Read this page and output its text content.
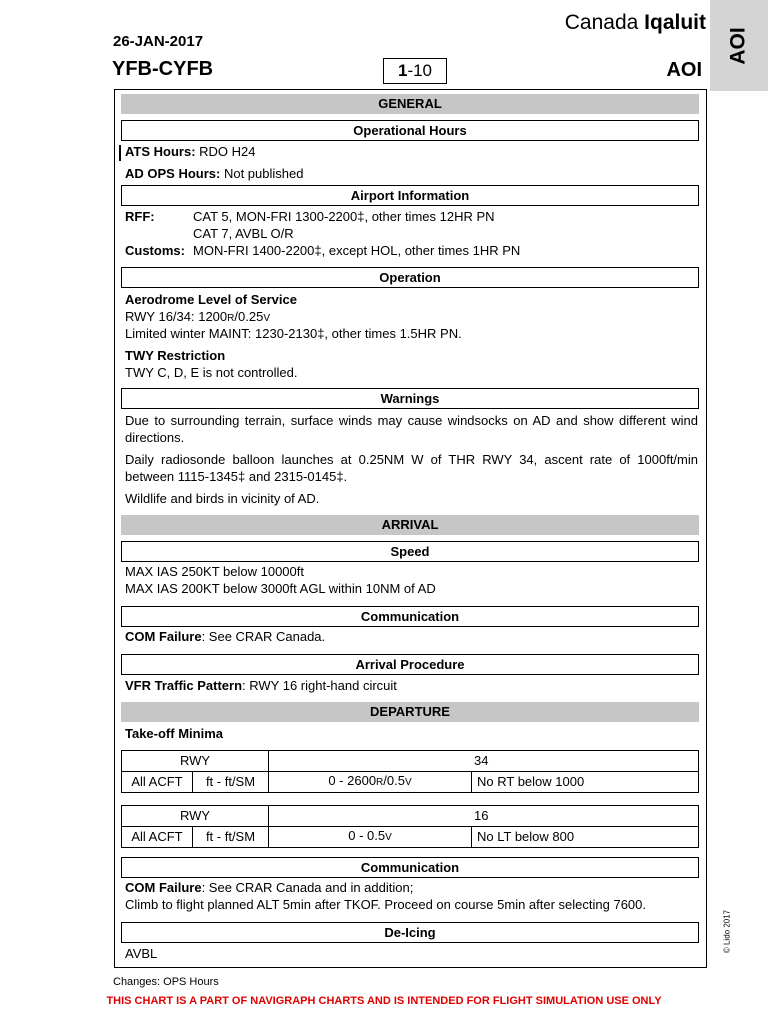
26-JAN-2017
YFB-CYFB
Canada Iqaluit
1-10	AOI
AOI
GENERAL
Operational Hours
ATS Hours: RDO H24
AD OPS Hours: Not published
Airport Information
RFF:	CAT 5, MON-FRI 1300-2200‡, other times 12HR PN
CAT 7, AVBL O/R
Customs: MON-FRI 1400-2200‡, except HOL, other times 1HR PN
Operation
Aerodrome Level of Service
RWY 16/34: 1200R/0.25V
Limited winter MAINT: 1230-2130‡, other times 1.5HR PN.
TWY Restriction
TWY C, D, E is not controlled.
Warnings

Due to surrounding terrain, surface winds may cause windsocks on AD and show different wind directions.

Daily radiosonde balloon launches at 0.25NM W of THR RWY 34, ascent rate of 1000ft/min between 1115-1345‡ and 2315-0145‡.

Wildlife and birds in vicinity of AD.

ARRIVAL
Speed
MAX IAS 250KT below 10000ft
MAX IAS 200KT below 3000ft AGL within 10NM of AD
Communication
COM Failure: See CRAR Canada.
Arrival Procedure
VFR Traffic Pattern: RWY 16 right-hand circuit
DEPARTURE
Take-off Minima
RWY		34	
All ACFT	ft - ft/SM	0 - 2600R/0.5V	No RT below 1000
RWY		16	
All ACFT	ft - ft/SM	0 - 0.5V	No LT below 800
Communication
COM Failure: See CRAR Canada and in addition;
Climb to flight planned ALT 5min after TKOF. Proceed on course 5min after selecting 7600.
De-Icing
AVBL
© Lido 2017
Changes: OPS Hours
THIS CHART IS A PART OF NAVIGRAPH CHARTS AND IS INTENDED FOR FLIGHT SIMULATION USE ONLY
